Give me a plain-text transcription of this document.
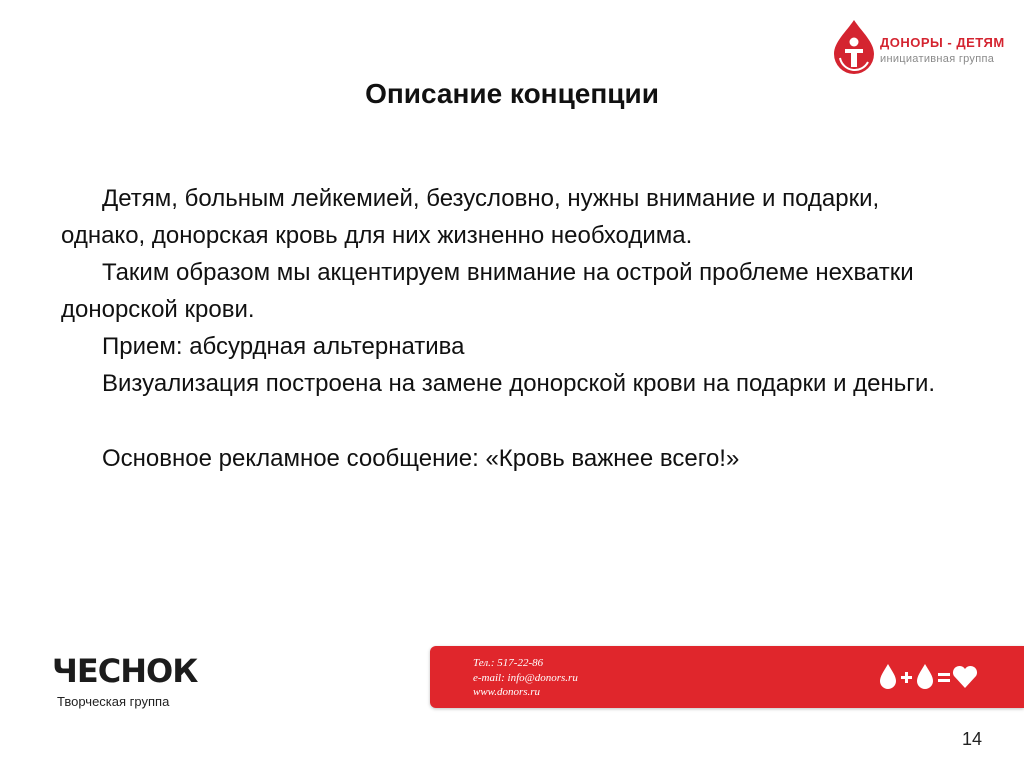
ДОНОРЫ - ДЕТЯМ
инициативная группа
Описание концепции

Детям, больным лейкемией, безусловно, нужны внимание и подарки, однако, донорская кровь для них жизненно необходима.

Таким образом мы акцентируем внимание на острой проблеме нехватки донорской крови.

Прием: абсурдная альтернатива

Визуализация построена на замене донорской крови на подарки и деньги.

Основное рекламное сообщение: «Кровь важнее всего!»

ЧЕСНОК
Творческая группа
Тел.: 517-22-86
e-mail: info@donors.ru
www.donors.ru
14
